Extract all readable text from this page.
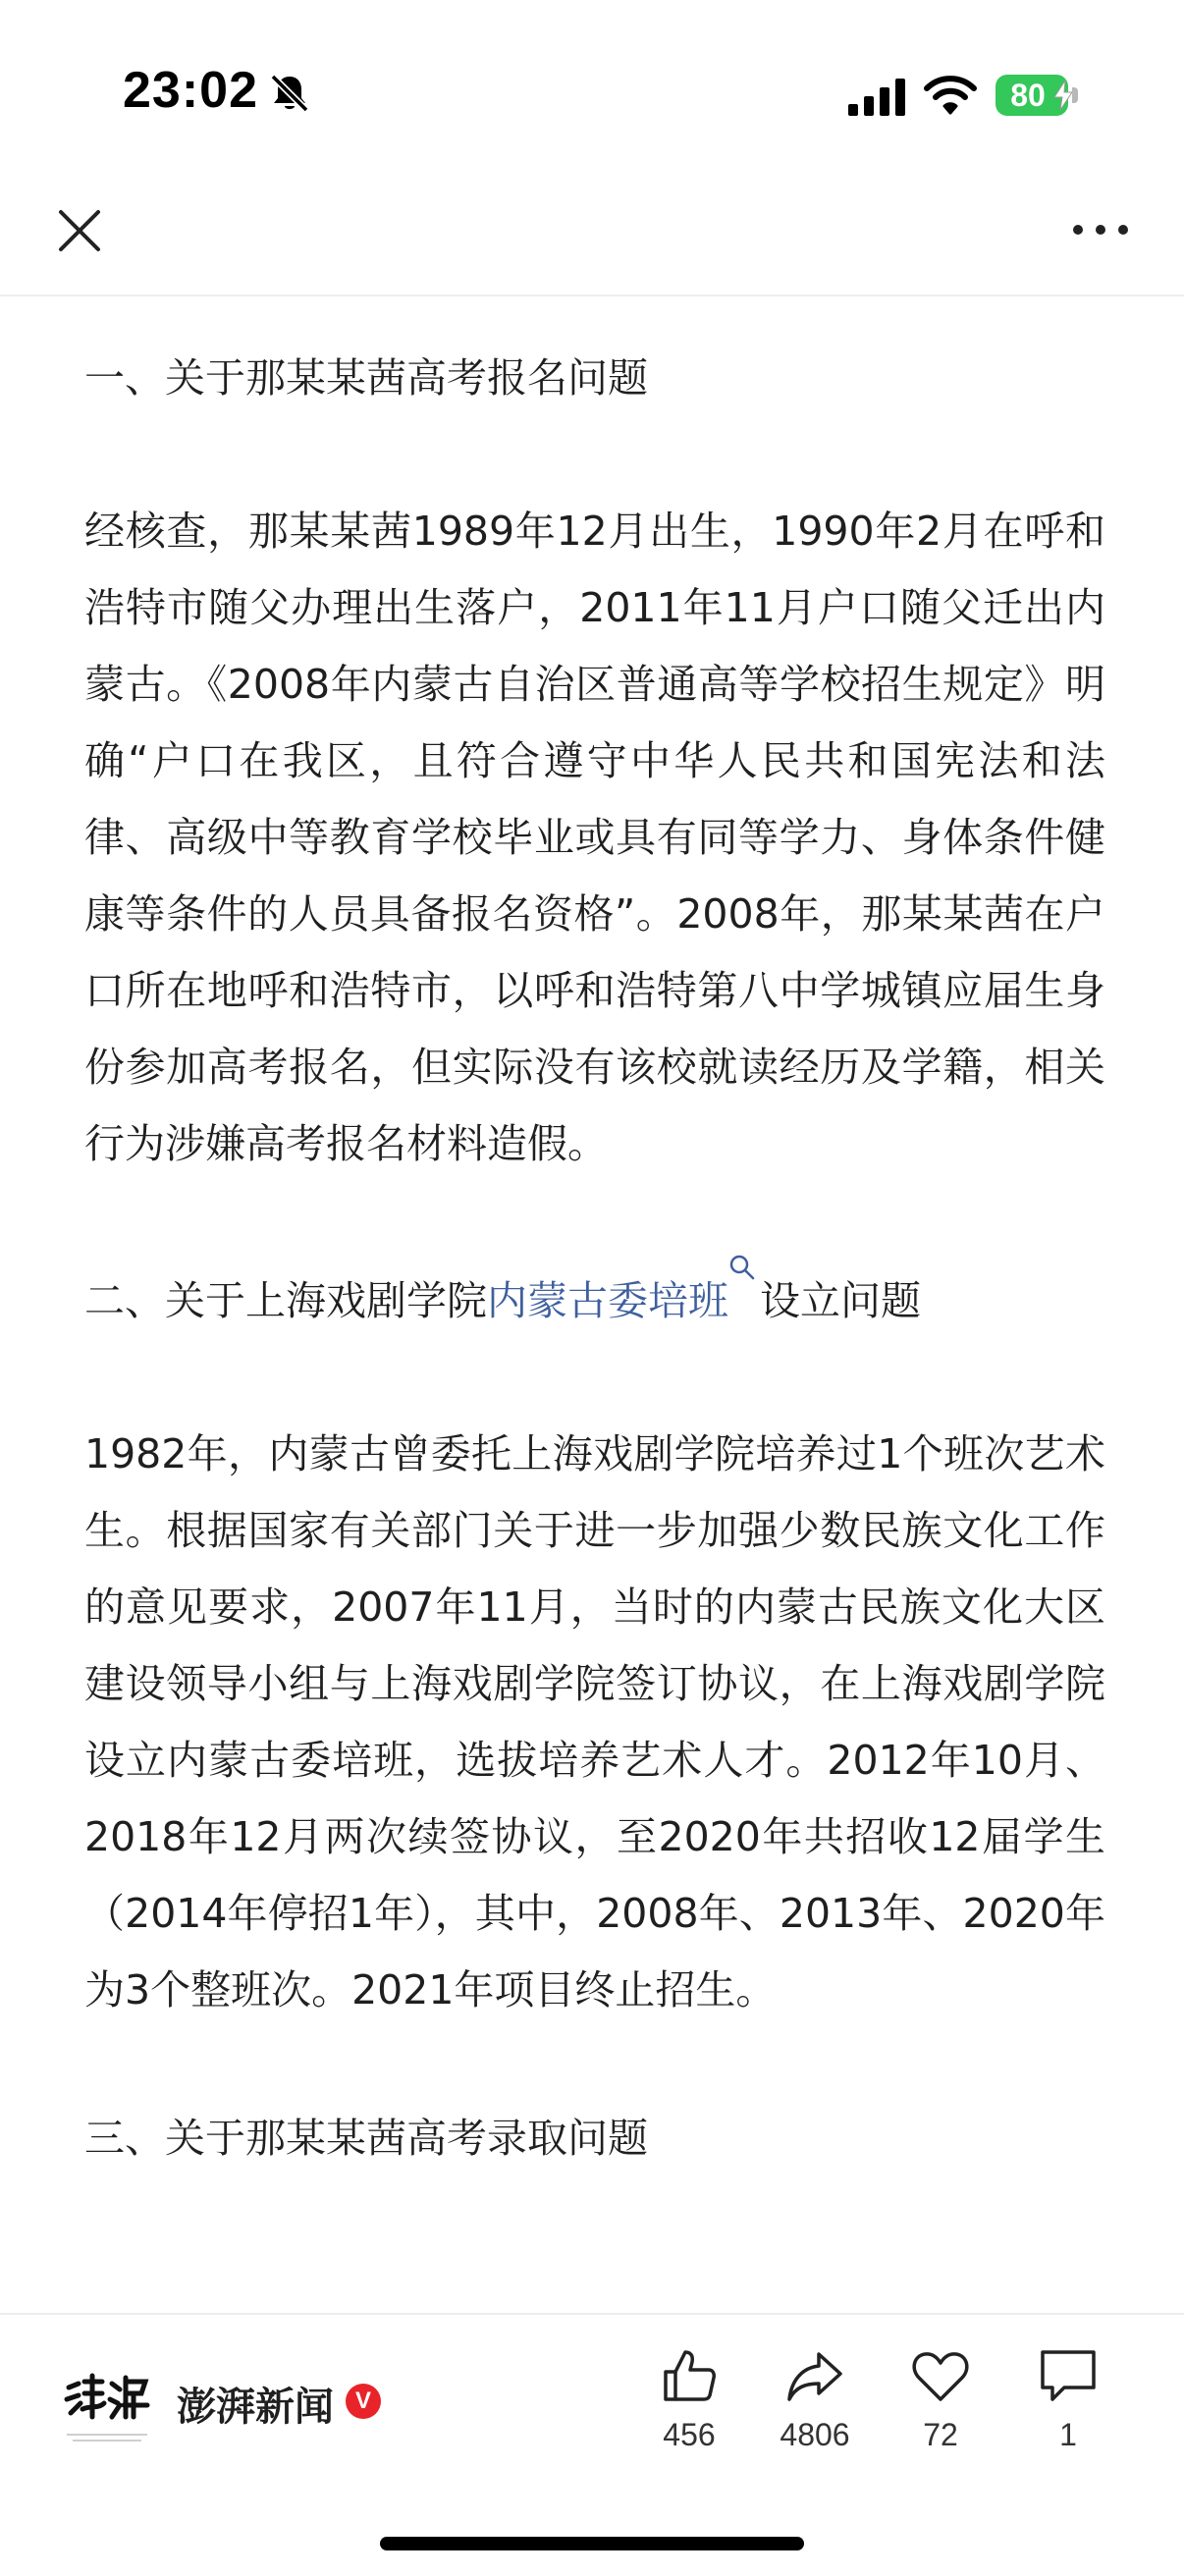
23:02	80

一、关于那某某茜高考报名问题

经核查，那某某茜1989年12月出生，1990年2月在呼和浩特市随父办理出生落户，2011年11月户口随父迁出内蒙古。《2008年内蒙古自治区普通高等学校招生规定》明确“户口在我区，且符合遵守中华人民共和国宪法和法律、高级中等教育学校毕业或具有同等学力、身体条件健康等条件的人员具备报名资格”。2008年，那某某茜在户口所在地呼和浩特市，以呼和浩特第八中学城镇应届生身份参加高考报名，但实际没有该校就读经历及学籍，相关行为涉嫌高考报名材料造假。

二、关于上海戏剧学院内蒙古委培班 设立问题

1982年，内蒙古曾委托上海戏剧学院培养过1个班次艺术生。根据国家有关部门关于进一步加强少数民族文化工作的意见要求，2007年11月，当时的内蒙古民族文化大区建设领导小组与上海戏剧学院签订协议，在上海戏剧学院设立内蒙古委培班，选拔培养艺术人才。2012年10月、2018年12月两次续签协议，至2020年共招收12届学生（2014年停招1年），其中，2008年、2013年、2020年为3个整班次。2021年项目终止招生。

三、关于那某某茜高考录取问题

澎湃新闻 V
456	4806	72	1
